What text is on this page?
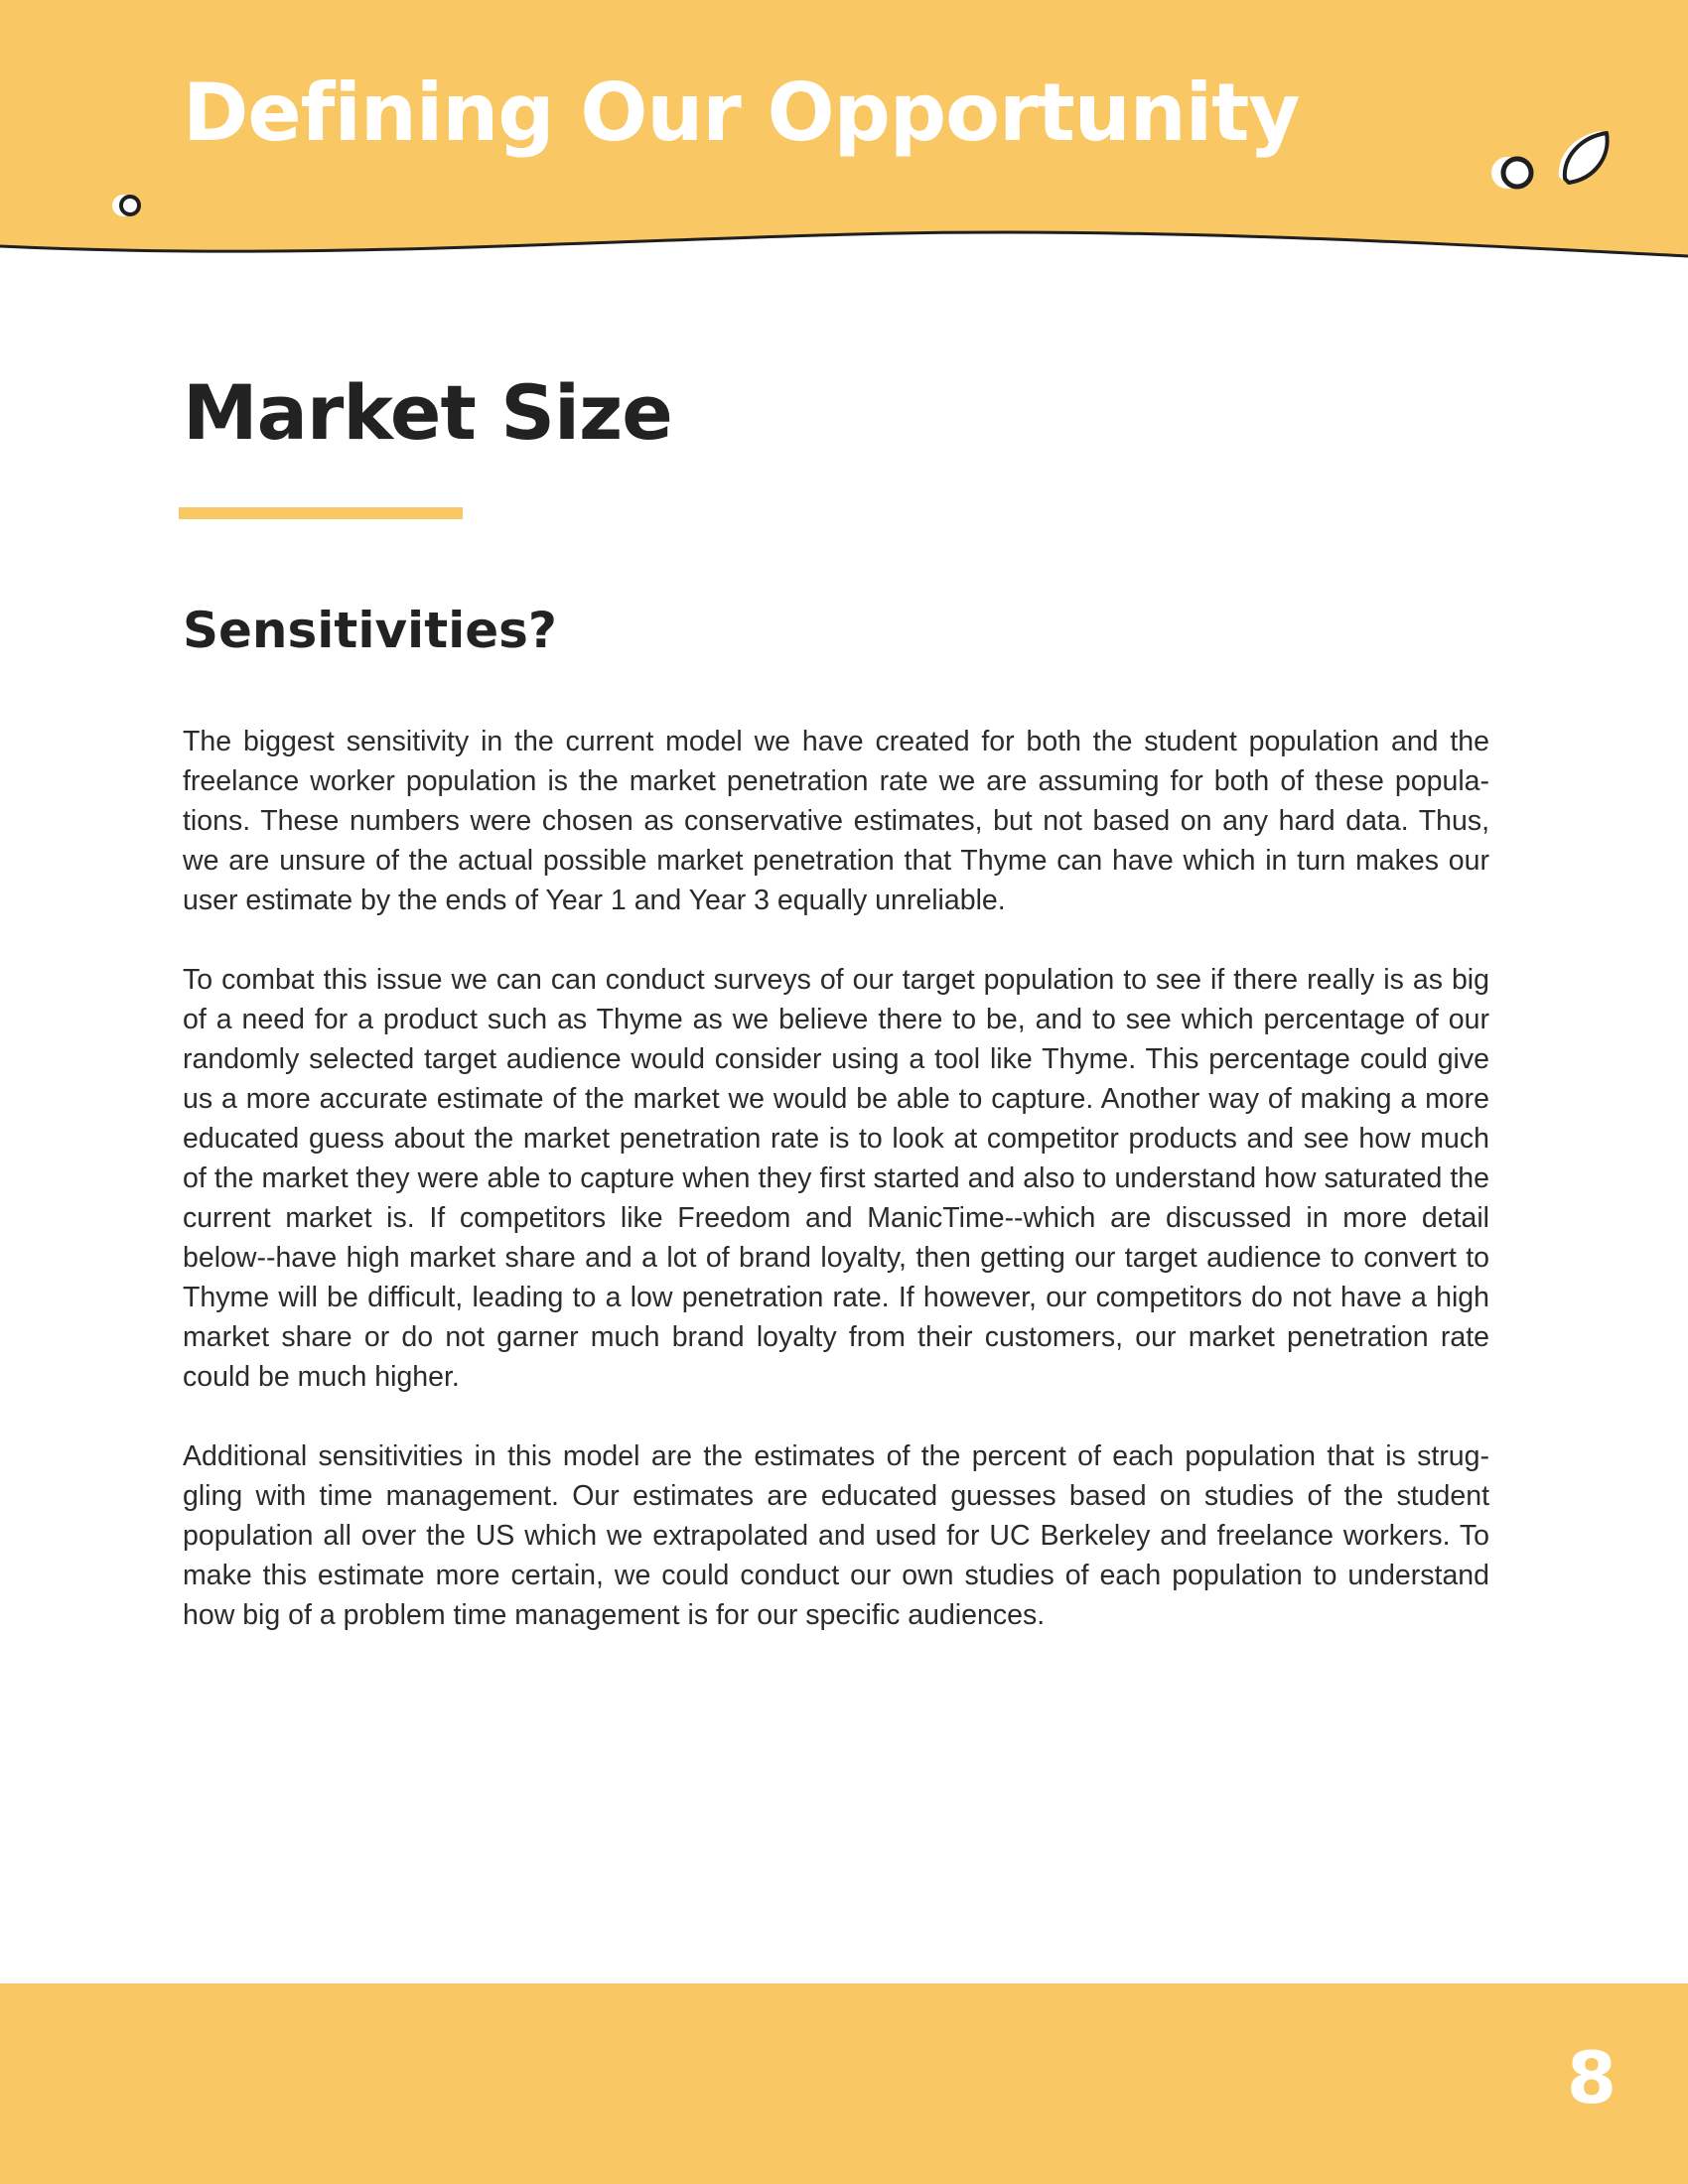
Defining Our Opportunity
Market Size
Sensitivities?

The biggest sensitivity in the current model we have created for both the student population and the freelance worker population is the market penetration rate we are assuming for both of these popula-tions. These numbers were chosen as conservative estimates, but not based on any hard data. Thus, we are unsure of the actual possible market penetration that Thyme can have which in turn makes our user estimate by the ends of Year 1 and Year 3 equally unreliable.

To combat this issue we can can conduct surveys of our target population to see if there really is as big of a need for a product such as Thyme as we believe there to be, and to see which percentage of our randomly selected target audience would consider using a tool like Thyme. This percentage could give us a more accurate estimate of the market we would be able to capture. Another way of making a more educated guess about the market penetration rate is to look at competitor products and see how much of the market they were able to capture when they first started and also to understand how saturated the current market is. If competitors like Freedom and ManicTime--which are discussed in more detail below--have high market share and a lot of brand loyalty, then getting our target audience to convert to Thyme will be difficult, leading to a low penetration rate. If however, our competitors do not have a high market share or do not garner much brand loyalty from their customers, our market penetration rate could be much higher.

Additional sensitivities in this model are the estimates of the percent of each population that is strug-gling with time management. Our estimates are educated guesses based on studies of the student population all over the US which we extrapolated and used for UC Berkeley and freelance workers. To make this estimate more certain, we could conduct our own studies of each population to understand how big of a problem time management is for our specific audiences.

8
